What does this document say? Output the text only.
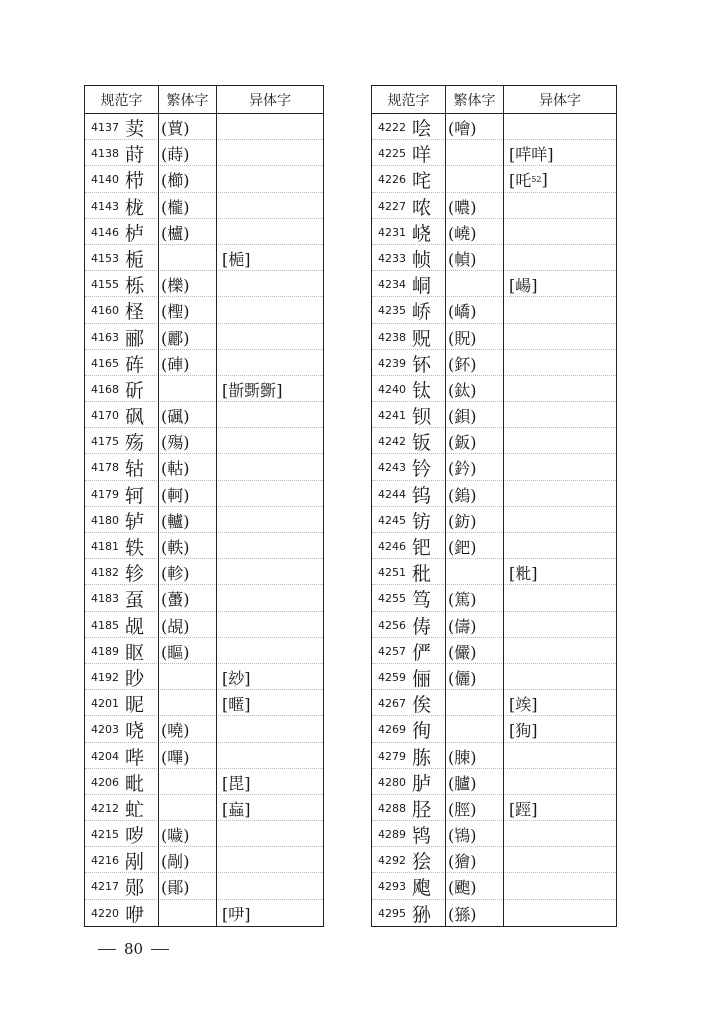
规范字	繁体字	异体字
4137 荬 (蕒)
4138 莳 (蒔)
4140 栉 (櫛)
4143 栊 (櫳)
4146 栌 (櫨)
4153 栀	[梔]
4155 栎 (櫟)
4160 柽 (檉)
4163 郦 (酈)
4165 砗 (硨)
4168 斫	[斮斲斵]
4170 砜 (碸)
4175 殇 (殤)
4178 轱 (軲)
4179 轲 (軻)
4180 轳 (轤)
4181 轶 (軼)
4182 轸 (軫)
4183 虿 (蠆)
4185 觇 (覘)
4189 眍 (瞘)
4192 眇	[玅]
4201 昵	[暱]
4203 哓 (嘵)
4204 哔 (嗶)
4206 毗	[毘]
4212 虻	[蝱]
4215 哕 (噦)
4216 剐 (剮)
4217 郧 (鄖)
4220 咿	[吚]
规范字	繁体字	异体字
4222 哙 (噲)
4225 咩	[哶咩]
4226 咤	[吒 52 ]
4227 哝 (噥)
4231 峣 (嶢)
4233 帧 (幀)
4234 峒	[崵]
4235 峤 (嶠)
4238 贶 (貺)
4239 钚 (鈈)
4240 钛 (鈦)
4241 钡 (鋇)
4242 钣 (鈑)
4243 钤 (鈐)
4244 钨 (鎢)
4245 钫 (鈁)
4246 钯 (鈀)
4251 秕	[粃]
4255 笃 (篤)
4256 俦 (儔)
4257 俨 (儼)
4259 俪 (儷)
4267 俟	[竢]
4269 徇	[狥]
4279 胨 (腖)
4280 胪 (臚)
4288 胫 (脛) [踁]
4289 鸨 (鴇)
4292 狯 (獪)
4293 飑 (颮)
4295 狲 (猻)
80
